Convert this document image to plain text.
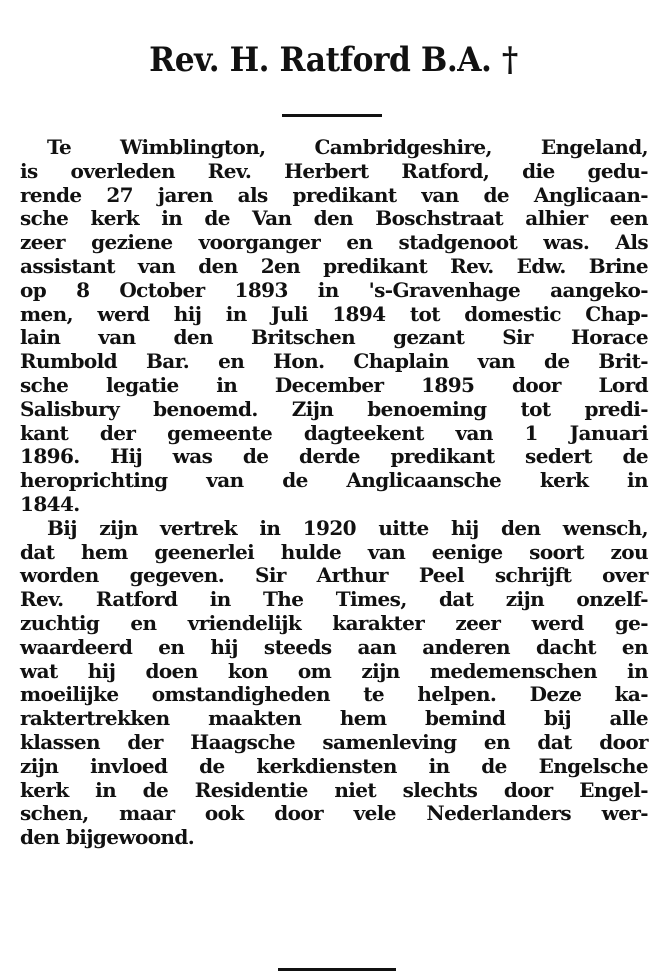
Rev. H. Ratford B.A. †
Te Wimblington, Cambridgeshire, Engeland,
is overleden Rev. Herbert Ratford, die gedu-
rende 27 jaren als predikant van de Anglicaan-
sche kerk in de Van den Boschstraat alhier een
zeer geziene voorganger en stadgenoot was. Als
assistant van den 2en predikant Rev. Edw. Brine
op 8 October 1893 in 's-Gravenhage aangeko-
men, werd hij in Juli 1894 tot domestic Chap-
lain van den Britschen gezant Sir Horace
Rumbold Bar. en Hon. Chaplain van de Brit-
sche legatie in December 1895 door Lord
Salisbury benoemd. Zijn benoeming tot predi-
kant der gemeente dagteekent van 1 Januari
1896. Hij was de derde predikant sedert de
heroprichting van de Anglicaansche kerk in
1844.
Bij zijn vertrek in 1920 uitte hij den wensch,
dat hem geenerlei hulde van eenige soort zou
worden gegeven. Sir Arthur Peel schrijft over
Rev. Ratford in The Times, dat zijn onzelf-
zuchtig en vriendelijk karakter zeer werd ge-
waardeerd en hij steeds aan anderen dacht en
wat hij doen kon om zijn medemenschen in
moeilijke omstandigheden te helpen. Deze ka-
raktertrekken maakten hem bemind bij alle
klassen der Haagsche samenleving en dat door
zijn invloed de kerkdiensten in de Engelsche
kerk in de Residentie niet slechts door Engel-
schen, maar ook door vele Nederlanders wer-
den bijgewoond.
